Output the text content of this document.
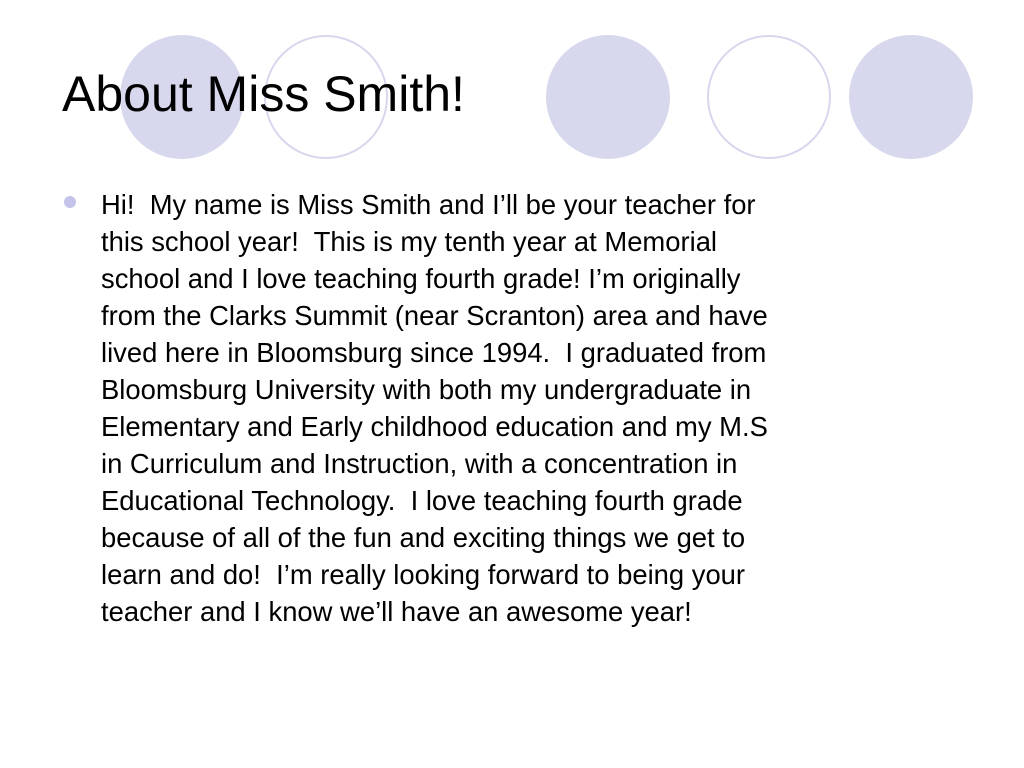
About Miss Smith!
Hi!  My name is Miss Smith and I’ll be your teacher for
this school year!  This is my tenth year at Memorial
school and I love teaching fourth grade! I’m originally
from the Clarks Summit (near Scranton) area and have
lived here in Bloomsburg since 1994.  I graduated from
Bloomsburg University with both my undergraduate in
Elementary and Early childhood education and my M.S
in Curriculum and Instruction, with a concentration in
Educational Technology.  I love teaching fourth grade
because of all of the fun and exciting things we get to
learn and do!  I’m really looking forward to being your
teacher and I know we’ll have an awesome year!
